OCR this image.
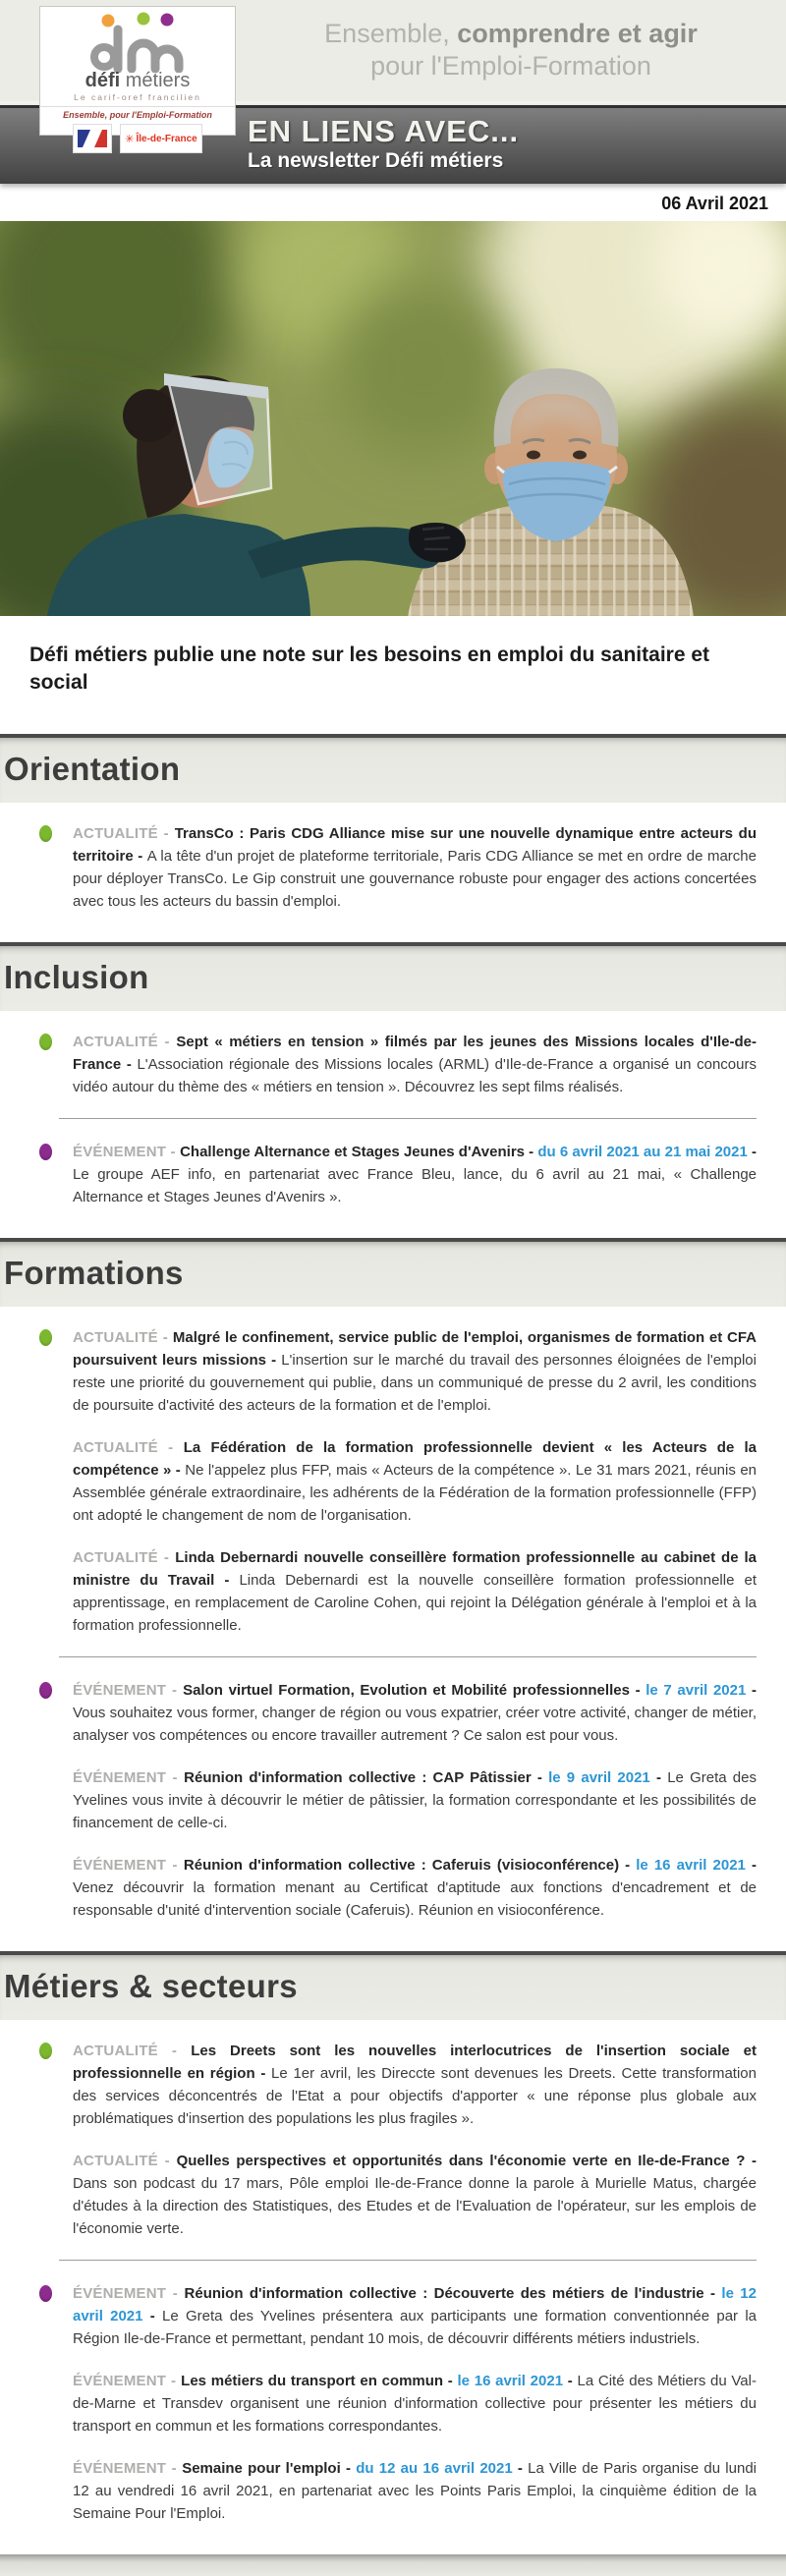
défi métiers
Le carif-oref francilien
Ensemble, pour l'Emploi-Formation
✳ Île-de-France
Ensemble, comprendre et agir
pour l'Emploi-Formation
EN LIENS AVEC...

La newsletter Défi métiers

06 Avril 2021
Défi métiers publie une note sur les besoins en emploi du sanitaire et social
Orientation

ACTUALITÉ - TransCo : Paris CDG Alliance mise sur une nouvelle dynamique entre acteurs du territoire - A la tête d'un projet de plateforme territoriale, Paris CDG Alliance se met en ordre de marche pour déployer TransCo. Le Gip construit une gouvernance robuste pour engager des actions concertées avec tous les acteurs du bassin d'emploi.

Inclusion

ACTUALITÉ - Sept « métiers en tension » filmés par les jeunes des Missions locales d'Ile-de-France - L'Association régionale des Missions locales (ARML) d'Ile-de-France a organisé un concours vidéo autour du thème des « métiers en tension ». Découvrez les sept films réalisés.

ÉVÉNEMENT - Challenge Alternance et Stages Jeunes d'Avenirs - du 6 avril 2021 au 21 mai 2021 - Le groupe AEF info, en partenariat avec France Bleu, lance, du 6 avril au 21 mai, « Challenge Alternance et Stages Jeunes d'Avenirs ».

Formations

ACTUALITÉ - Malgré le confinement, service public de l'emploi, organismes de formation et CFA poursuivent leurs missions - L'insertion sur le marché du travail des personnes éloignées de l'emploi reste une priorité du gouvernement qui publie, dans un communiqué de presse du 2 avril, les conditions de poursuite d'activité des acteurs de la formation et de l'emploi.

ACTUALITÉ - La Fédération de la formation professionnelle devient « les Acteurs de la compétence » - Ne l'appelez plus FFP, mais « Acteurs de la compétence ». Le 31 mars 2021, réunis en Assemblée générale extraordinaire, les adhérents de la Fédération de la formation professionnelle (FFP) ont adopté le changement de nom de l'organisation.

ACTUALITÉ - Linda Debernardi nouvelle conseillère formation professionnelle au cabinet de la ministre du Travail - Linda Debernardi est la nouvelle conseillère formation professionnelle et apprentissage, en remplacement de Caroline Cohen, qui rejoint la Délégation générale à l'emploi et à la formation professionnelle.

ÉVÉNEMENT - Salon virtuel Formation, Evolution et Mobilité professionnelles - le 7 avril 2021 - Vous souhaitez vous former, changer de région ou vous expatrier, créer votre activité, changer de métier, analyser vos compétences ou encore travailler autrement ? Ce salon est pour vous.

ÉVÉNEMENT - Réunion d'information collective : CAP Pâtissier - le 9 avril 2021 - Le Greta des Yvelines vous invite à découvrir le métier de pâtissier, la formation correspondante et les possibilités de financement de celle-ci.

ÉVÉNEMENT - Réunion d'information collective : Caferuis (visioconférence) - le 16 avril 2021 - Venez découvrir la formation menant au Certificat d'aptitude aux fonctions d'encadrement et de responsable d'unité d'intervention sociale (Caferuis). Réunion en visioconférence.

Métiers & secteurs

ACTUALITÉ - Les Dreets sont les nouvelles interlocutrices de l'insertion sociale et professionnelle en région - Le 1er avril, les Direccte sont devenues les Dreets. Cette transformation des services déconcentrés de l'Etat a pour objectifs d'apporter « une réponse plus globale aux problématiques d'insertion des populations les plus fragiles ».

ACTUALITÉ - Quelles perspectives et opportunités dans l'économie verte en Ile-de-France ? - Dans son podcast du 17 mars, Pôle emploi Ile-de-France donne la parole à Murielle Matus, chargée d'études à la direction des Statistiques, des Etudes et de l'Evaluation de l'opérateur, sur les emplois de l'économie verte.

ÉVÉNEMENT - Réunion d'information collective : Découverte des métiers de l'industrie - le 12 avril 2021 - Le Greta des Yvelines présentera aux participants une formation conventionnée par la Région Ile-de-France et permettant, pendant 10 mois, de découvrir différents métiers industriels.

ÉVÉNEMENT - Les métiers du transport en commun - le 16 avril 2021 - La Cité des Métiers du Val-de-Marne et Transdev organisent une réunion d'information collective pour présenter les métiers du transport en commun et les formations correspondantes.

ÉVÉNEMENT - Semaine pour l'emploi - du 12 au 16 avril 2021 - La Ville de Paris organise du lundi 12 au vendredi 16 avril 2021, en partenariat avec les Points Paris Emploi, la cinquième édition de la Semaine Pour l'Emploi.
